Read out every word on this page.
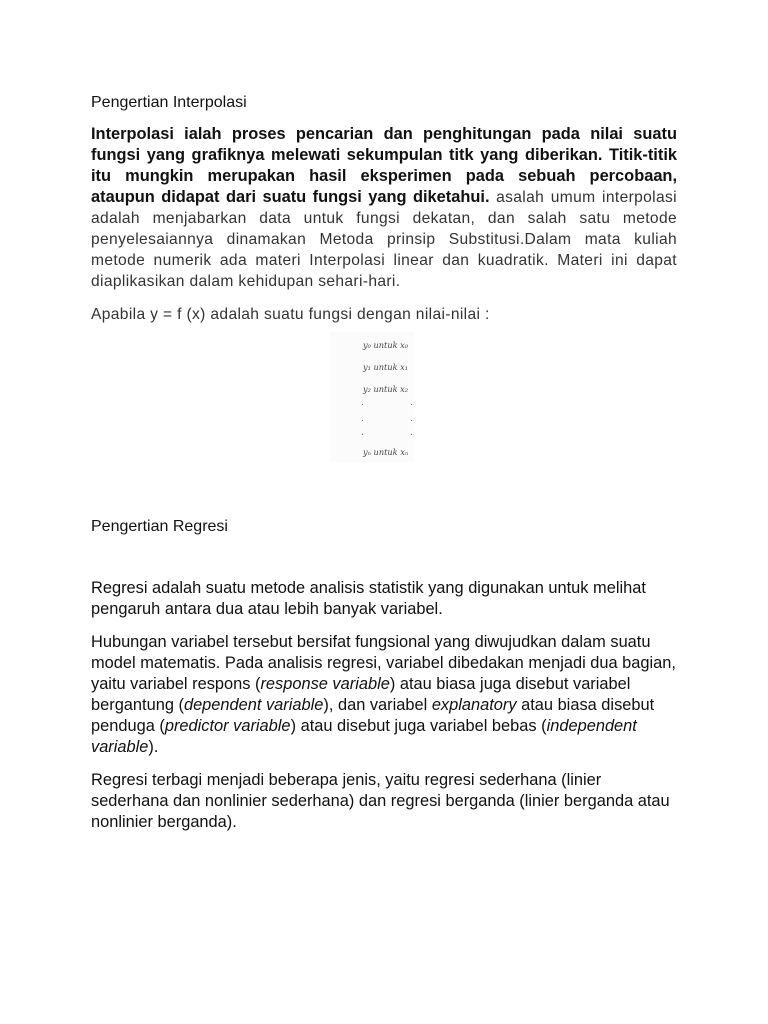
Pengertian Interpolasi

Interpolasi ialah proses pencarian dan penghitungan pada nilai suatu fungsi yang grafiknya melewati sekumpulan titk yang diberikan. Titik-titik itu mungkin merupakan hasil eksperimen pada sebuah percobaan, ataupun didapat dari suatu fungsi yang diketahui. asalah umum interpolasi adalah menjabarkan data untuk fungsi dekatan, dan salah satu metode penyelesaiannya dinamakan Metoda prinsip Substitusi.Dalam mata kuliah metode numerik ada materi Interpolasi linear dan kuadratik. Materi ini dapat diaplikasikan dalam kehidupan sehari-hari.

Apabila y = f (x) adalah suatu fungsi dengan nilai-nilai :

Pengertian Regresi

Regresi adalah suatu metode analisis statistik yang digunakan untuk melihat pengaruh antara dua atau lebih banyak variabel.

Hubungan variabel tersebut bersifat fungsional yang diwujudkan dalam suatu model matematis. Pada analisis regresi, variabel dibedakan menjadi dua bagian, yaitu variabel respons (response variable) atau biasa juga disebut variabel bergantung (dependent variable), dan variabel explanatory atau biasa disebut penduga (predictor variable) atau disebut juga variabel bebas (independent variable).

Regresi terbagi menjadi beberapa jenis, yaitu regresi sederhana (linier sederhana dan nonlinier sederhana) dan regresi berganda (linier berganda atau nonlinier berganda).

y₀ untuk x₀
y₁ untuk x₁
y₂ untuk x₂
.	.
.	.
.	.
yₙ untuk xₙ
